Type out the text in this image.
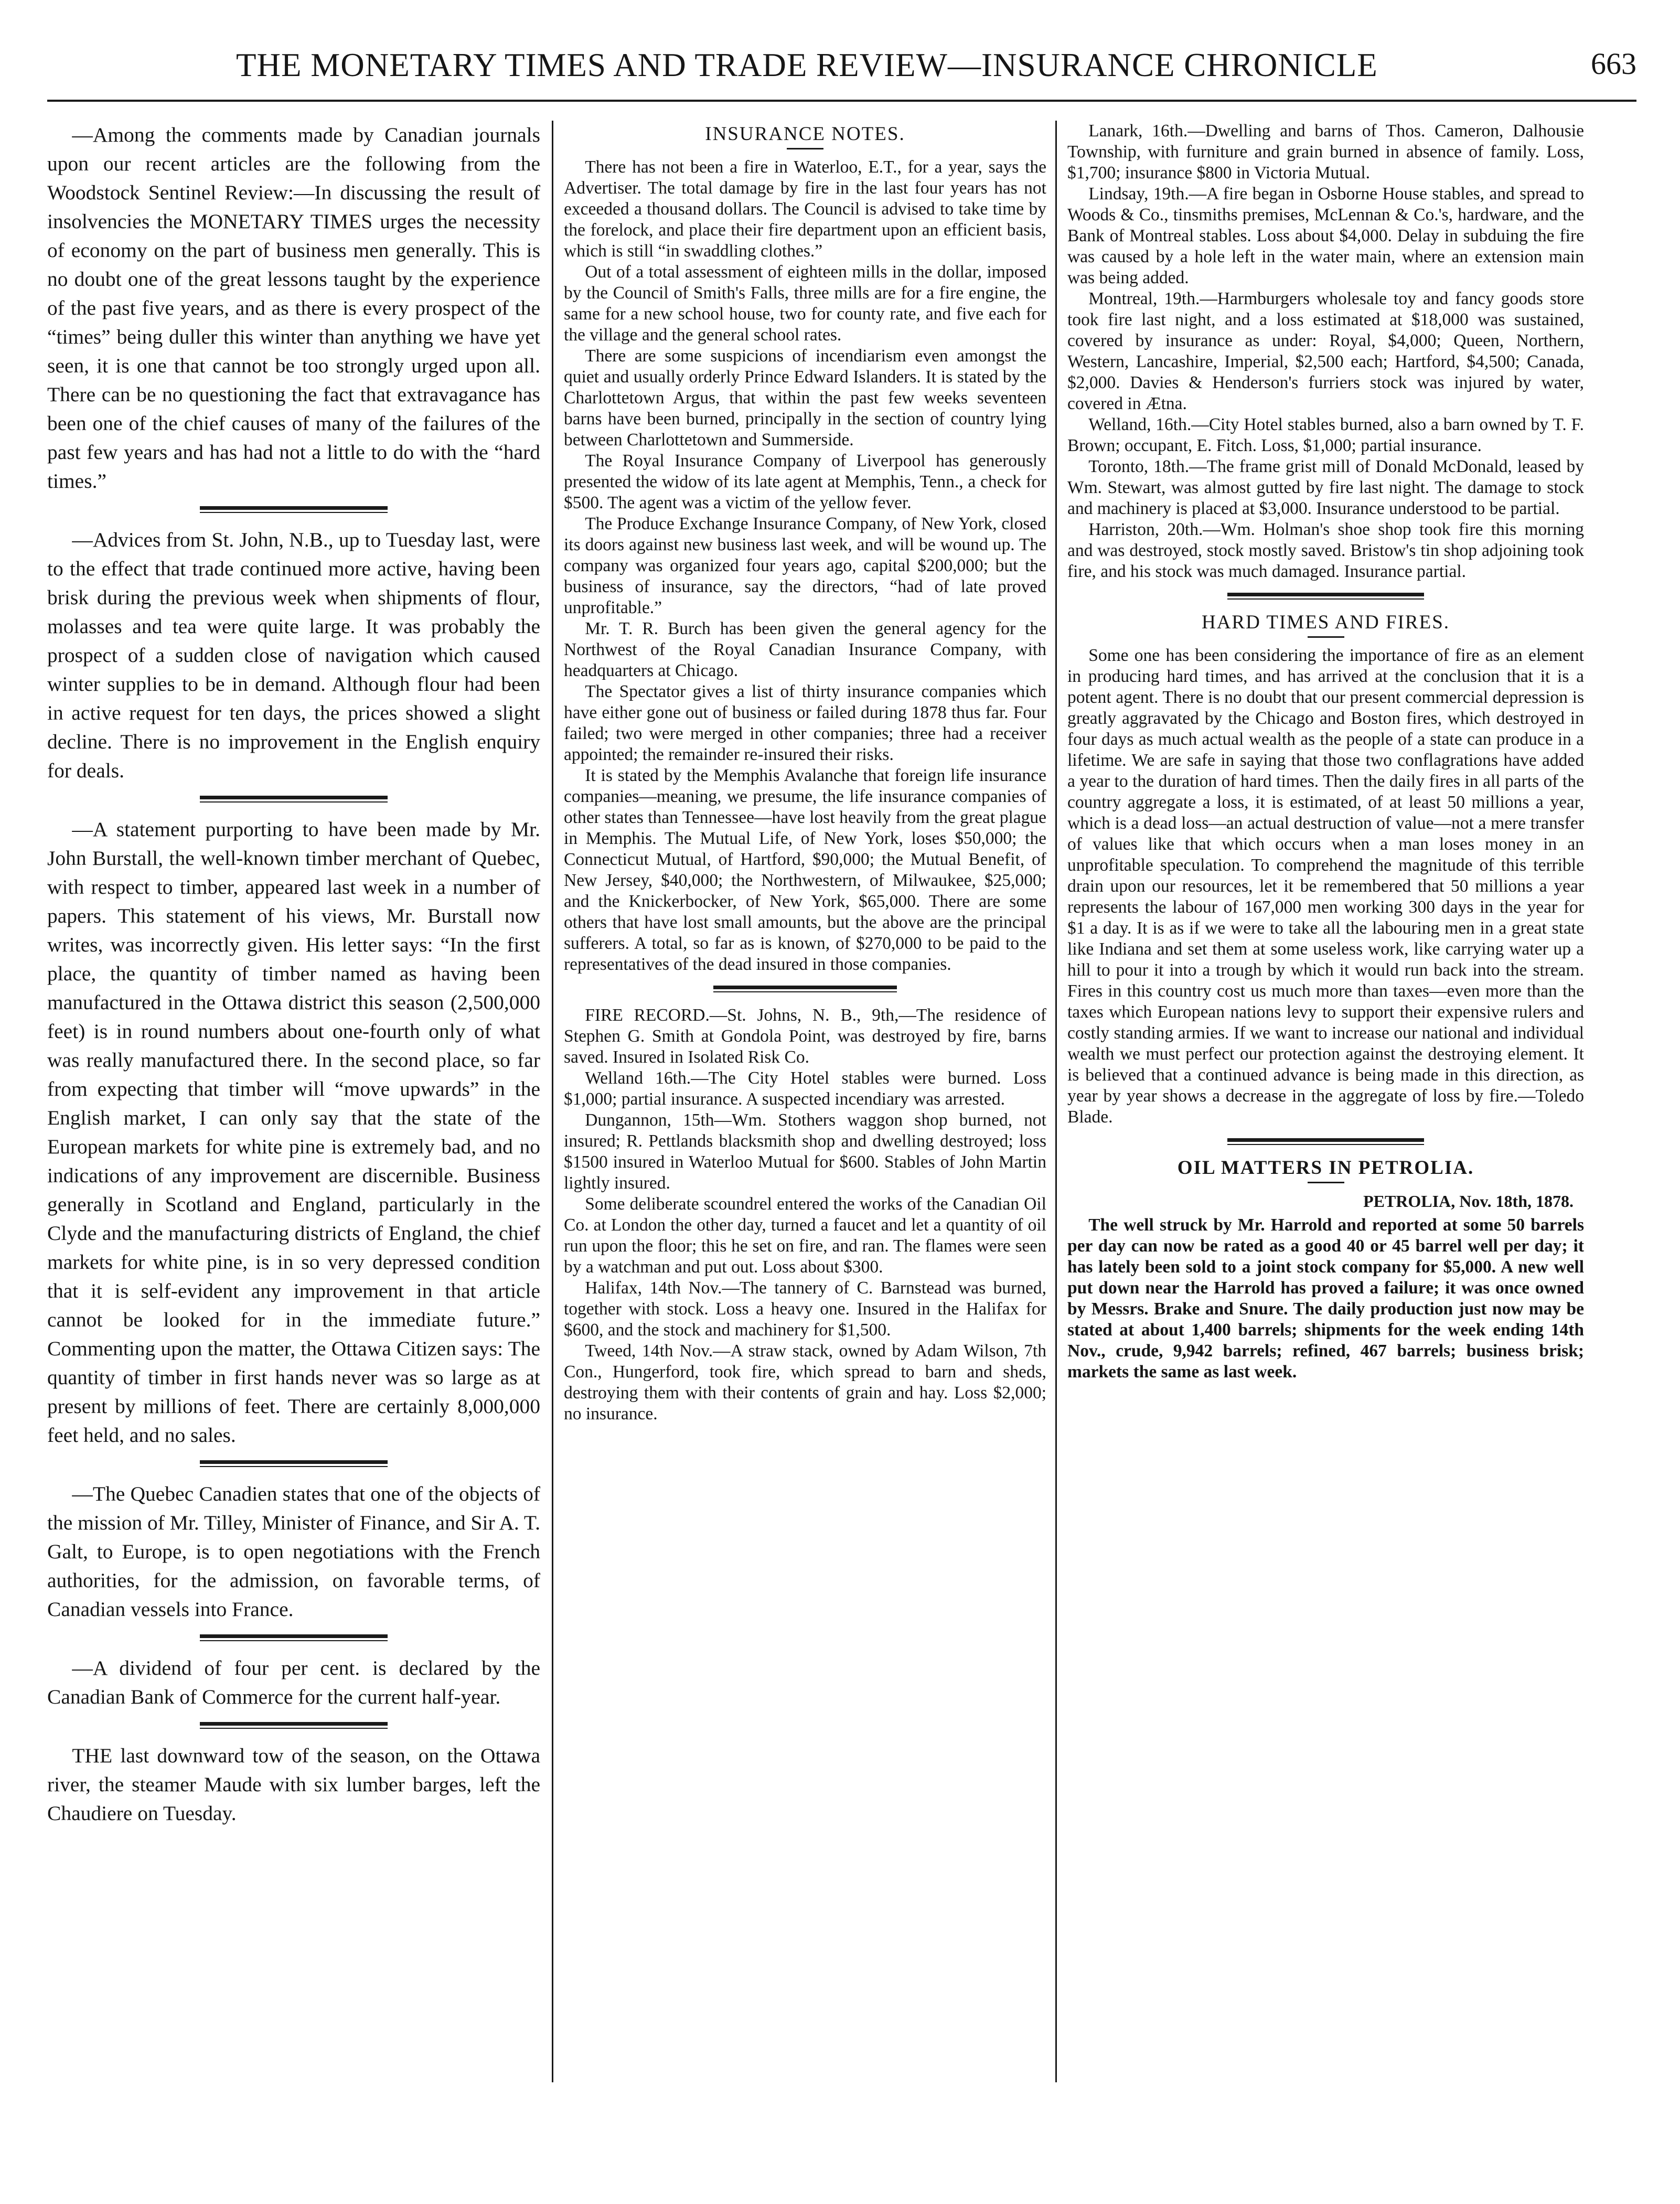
THE MONETARY TIMES AND TRADE REVIEW—INSURANCE CHRONICLE	663

—Among the comments made by Canadian journals upon our recent articles are the following from the Woodstock Sentinel Review:—In discussing the result of insolvencies the MONETARY TIMES urges the necessity of economy on the part of business men generally. This is no doubt one of the great lessons taught by the experience of the past five years, and as there is every prospect of the “times” being duller this winter than anything we have yet seen, it is one that cannot be too strongly urged upon all. There can be no questioning the fact that extravagance has been one of the chief causes of many of the failures of the past few years and has had not a little to do with the “hard times.”

—Advices from St. John, N.B., up to Tuesday last, were to the effect that trade continued more active, having been brisk during the previous week when shipments of flour, molasses and tea were quite large. It was probably the prospect of a sudden close of navigation which caused winter supplies to be in demand. Although flour had been in active request for ten days, the prices showed a slight decline. There is no improvement in the English enquiry for deals.

—A statement purporting to have been made by Mr. John Burstall, the well-known timber merchant of Quebec, with respect to timber, appeared last week in a number of papers. This statement of his views, Mr. Burstall now writes, was incorrectly given. His letter says: “In the first place, the quantity of timber named as having been manufactured in the Ottawa district this season (2,500,000 feet) is in round numbers about one-fourth only of what was really manufactured there. In the second place, so far from expecting that timber will “move upwards” in the English market, I can only say that the state of the European markets for white pine is extremely bad, and no indications of any improvement are discernible. Business generally in Scotland and England, particularly in the Clyde and the manufacturing districts of England, the chief markets for white pine, is in so very depressed condition that it is self-evident any improvement in that article cannot be looked for in the immediate future.” Commenting upon the matter, the Ottawa Citizen says: The quantity of timber in first hands never was so large as at present by millions of feet. There are certainly 8,000,000 feet held, and no sales.

—The Quebec Canadien states that one of the objects of the mission of Mr. Tilley, Minister of Finance, and Sir A. T. Galt, to Europe, is to open negotiations with the French authorities, for the admission, on favorable terms, of Canadian vessels into France.

—A dividend of four per cent. is declared by the Canadian Bank of Commerce for the current half-year.

THE last downward tow of the season, on the Ottawa river, the steamer Maude with six lumber barges, left the Chaudiere on Tuesday.

INSURANCE NOTES.

There has not been a fire in Waterloo, E.T., for a year, says the Advertiser. The total damage by fire in the last four years has not exceeded a thousand dollars. The Council is advised to take time by the forelock, and place their fire department upon an efficient basis, which is still “in swaddling clothes.”

Out of a total assessment of eighteen mills in the dollar, imposed by the Council of Smith's Falls, three mills are for a fire engine, the same for a new school house, two for county rate, and five each for the village and the general school rates.

There are some suspicions of incendiarism even amongst the quiet and usually orderly Prince Edward Islanders. It is stated by the Charlottetown Argus, that within the past few weeks seventeen barns have been burned, principally in the section of country lying between Charlottetown and Summerside.

The Royal Insurance Company of Liverpool has generously presented the widow of its late agent at Memphis, Tenn., a check for $500. The agent was a victim of the yellow fever.

The Produce Exchange Insurance Company, of New York, closed its doors against new business last week, and will be wound up. The company was organized four years ago, capital $200,000; but the business of insurance, say the directors, “had of late proved unprofitable.”

Mr. T. R. Burch has been given the general agency for the Northwest of the Royal Canadian Insurance Company, with headquarters at Chicago.

The Spectator gives a list of thirty insurance companies which have either gone out of business or failed during 1878 thus far. Four failed; two were merged in other companies; three had a receiver appointed; the remainder re-insured their risks.

It is stated by the Memphis Avalanche that foreign life insurance companies—meaning, we presume, the life insurance companies of other states than Tennessee—have lost heavily from the great plague in Memphis. The Mutual Life, of New York, loses $50,000; the Connecticut Mutual, of Hartford, $90,000; the Mutual Benefit, of New Jersey, $40,000; the Northwestern, of Milwaukee, $25,000; and the Knickerbocker, of New York, $65,000. There are some others that have lost small amounts, but the above are the principal sufferers. A total, so far as is known, of $270,000 to be paid to the representatives of the dead insured in those companies.

FIRE RECORD.—St. Johns, N. B., 9th,—The residence of Stephen G. Smith at Gondola Point, was destroyed by fire, barns saved. Insured in Isolated Risk Co.

Welland 16th.—The City Hotel stables were burned. Loss $1,000; partial insurance. A suspected incendiary was arrested.

Dungannon, 15th—Wm. Stothers waggon shop burned, not insured; R. Pettlands blacksmith shop and dwelling destroyed; loss $1500 insured in Waterloo Mutual for $600. Stables of John Martin lightly insured.

Some deliberate scoundrel entered the works of the Canadian Oil Co. at London the other day, turned a faucet and let a quantity of oil run upon the floor; this he set on fire, and ran. The flames were seen by a watchman and put out. Loss about $300.

Halifax, 14th Nov.—The tannery of C. Barnstead was burned, together with stock. Loss a heavy one. Insured in the Halifax for $600, and the stock and machinery for $1,500.

Tweed, 14th Nov.—A straw stack, owned by Adam Wilson, 7th Con., Hungerford, took fire, which spread to barn and sheds, destroying them with their contents of grain and hay. Loss $2,000; no insurance.

Lanark, 16th.—Dwelling and barns of Thos. Cameron, Dalhousie Township, with furniture and grain burned in absence of family. Loss, $1,700; insurance $800 in Victoria Mutual.

Lindsay, 19th.—A fire began in Osborne House stables, and spread to Woods & Co., tinsmiths premises, McLennan & Co.'s, hardware, and the Bank of Montreal stables. Loss about $4,000. Delay in subduing the fire was caused by a hole left in the water main, where an extension main was being added.

Montreal, 19th.—Harmburgers wholesale toy and fancy goods store took fire last night, and a loss estimated at $18,000 was sustained, covered by insurance as under: Royal, $4,000; Queen, Northern, Western, Lancashire, Imperial, $2,500 each; Hartford, $4,500; Canada, $2,000. Davies & Henderson's furriers stock was injured by water, covered in Ætna.

Welland, 16th.—City Hotel stables burned, also a barn owned by T. F. Brown; occupant, E. Fitch. Loss, $1,000; partial insurance.

Toronto, 18th.—The frame grist mill of Donald McDonald, leased by Wm. Stewart, was almost gutted by fire last night. The damage to stock and machinery is placed at $3,000. Insurance understood to be partial.

Harriston, 20th.—Wm. Holman's shoe shop took fire this morning and was destroyed, stock mostly saved. Bristow's tin shop adjoining took fire, and his stock was much damaged. Insurance partial.

HARD TIMES AND FIRES.

Some one has been considering the importance of fire as an element in producing hard times, and has arrived at the conclusion that it is a potent agent. There is no doubt that our present commercial depression is greatly aggravated by the Chicago and Boston fires, which destroyed in four days as much actual wealth as the people of a state can produce in a lifetime. We are safe in saying that those two conflagrations have added a year to the duration of hard times. Then the daily fires in all parts of the country aggregate a loss, it is estimated, of at least 50 millions a year, which is a dead loss—an actual destruction of value—not a mere transfer of values like that which occurs when a man loses money in an unprofitable speculation. To comprehend the magnitude of this terrible drain upon our resources, let it be remembered that 50 millions a year represents the labour of 167,000 men working 300 days in the year for $1 a day. It is as if we were to take all the labouring men in a great state like Indiana and set them at some useless work, like carrying water up a hill to pour it into a trough by which it would run back into the stream. Fires in this country cost us much more than taxes—even more than the taxes which European nations levy to support their expensive rulers and costly standing armies. If we want to increase our national and individual wealth we must perfect our protection against the destroying element. It is believed that a continued advance is being made in this direction, as year by year shows a decrease in the aggregate of loss by fire.—Toledo Blade.

OIL MATTERS IN PETROLIA.
PETROLIA, Nov. 18th, 1878.

The well struck by Mr. Harrold and reported at some 50 barrels per day can now be rated as a good 40 or 45 barrel well per day; it has lately been sold to a joint stock company for $5,000. A new well put down near the Harrold has proved a failure; it was once owned by Messrs. Brake and Snure. The daily production just now may be stated at about 1,400 barrels; shipments for the week ending 14th Nov., crude, 9,942 barrels; refined, 467 barrels; business brisk; markets the same as last week.
